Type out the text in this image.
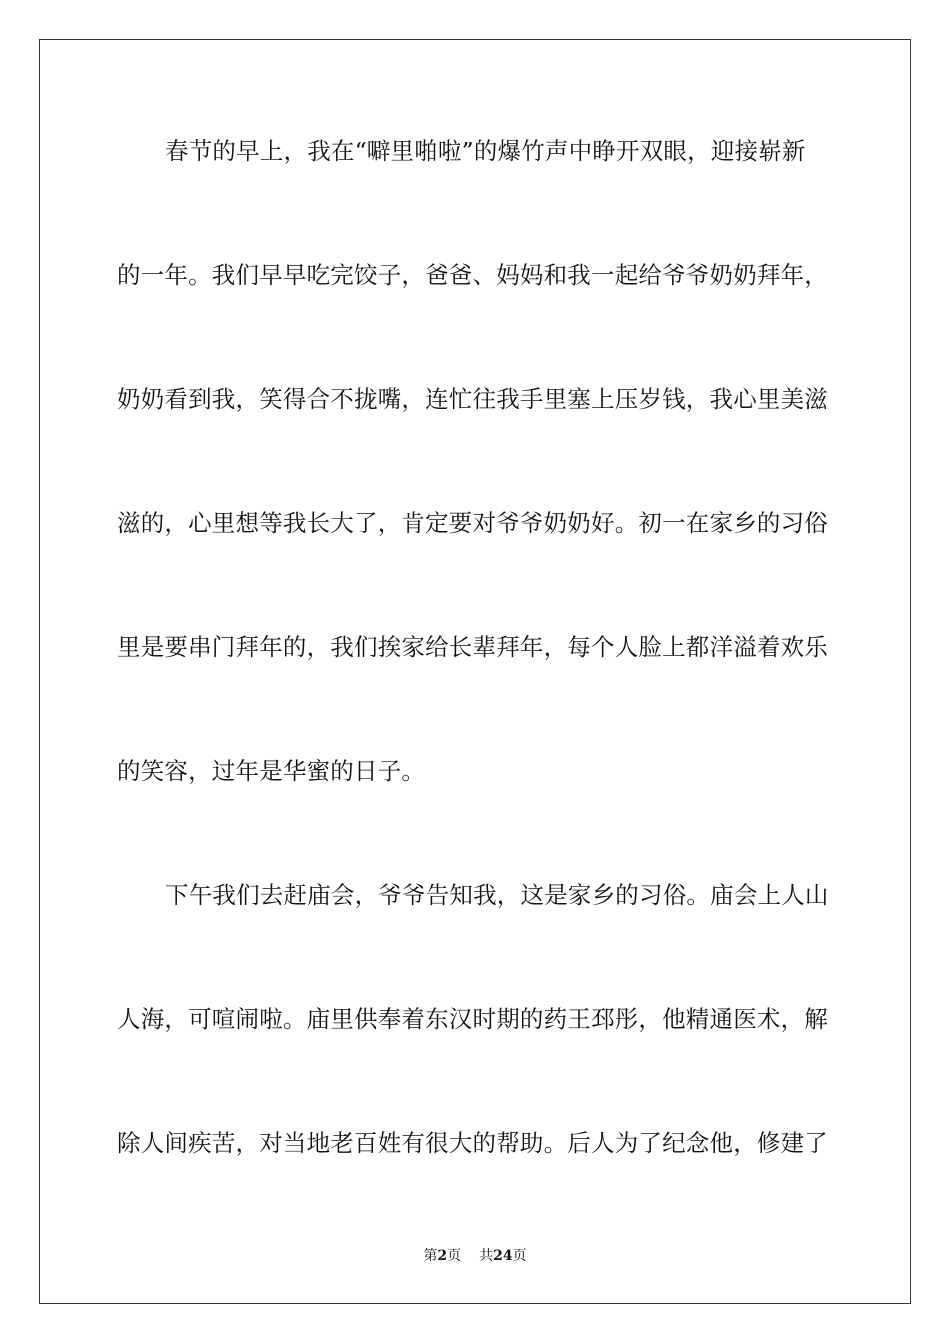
春节的早上，我在“噼里啪啦”的爆竹声中睁开双眼，迎接崭新
的一年。我们早早吃完饺子，爸爸、妈妈和我一起给爷爷奶奶拜年，
奶奶看到我，笑得合不拢嘴，连忙往我手里塞上压岁钱，我心里美滋
滋的，心里想等我长大了，肯定要对爷爷奶奶好。初一在家乡的习俗
里是要串门拜年的，我们挨家给长辈拜年，每个人脸上都洋溢着欢乐
的笑容，过年是华蜜的日子。
下午我们去赶庙会，爷爷告知我，这是家乡的习俗。庙会上人山
人海，可喧闹啦。庙里供奉着东汉时期的药王邳彤，他精通医术，解
除人间疾苦，对当地老百姓有很大的帮助。后人为了纪念他，修建了
第2页 共24页
